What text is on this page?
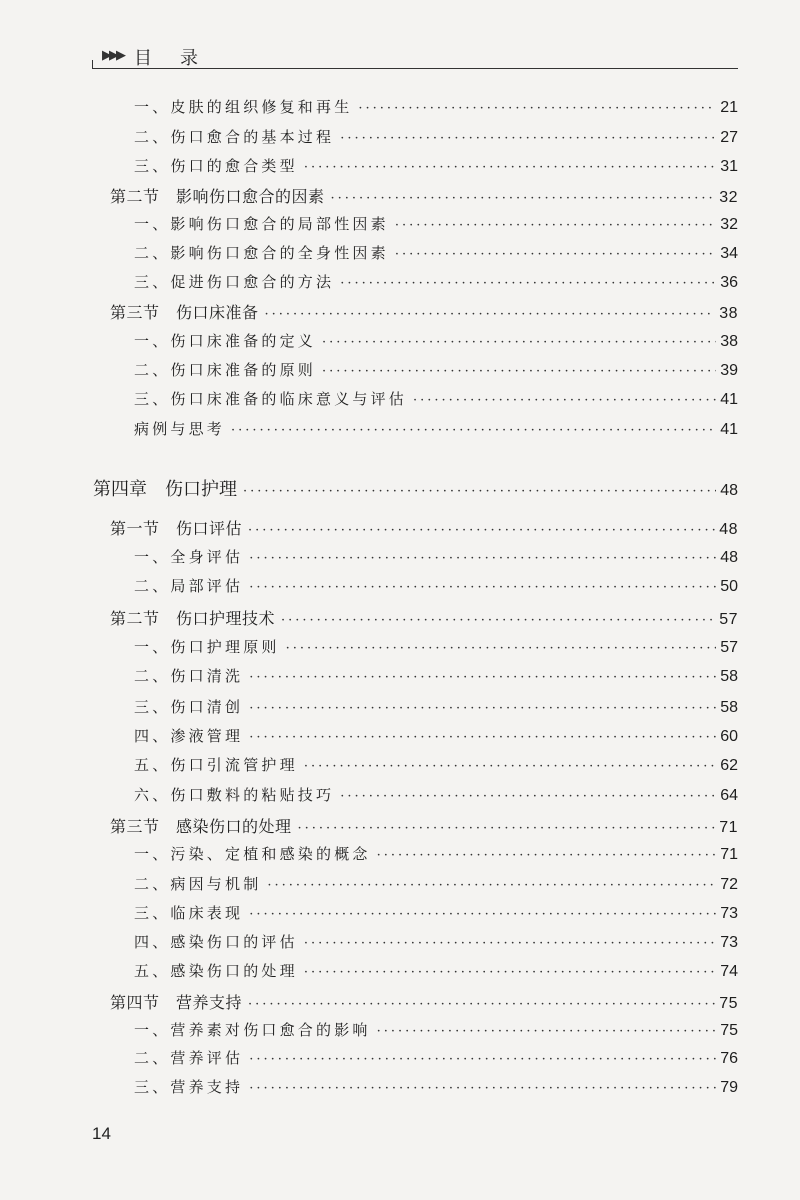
▶▶▶ 目录
一、皮肤的组织修复和再生 ·····	21
二、伤口愈合的基本过程 ·····	27
三、伤口的愈合类型 ·····	31
第二节　影响伤口愈合的因素 ·····	32
一、影响伤口愈合的局部性因素 ·····	32
二、影响伤口愈合的全身性因素 ·····	34
三、促进伤口愈合的方法 ·····	36
第三节　伤口床准备 ·····	38
一、伤口床准备的定义 ·····	38
二、伤口床准备的原则 ·····	39
三、伤口床准备的临床意义与评估 ·····	41
病例与思考 ·····	41
第四章　伤口护理 ·····	48
第一节　伤口评估 ·····	48
一、全身评估 ·····	48
二、局部评估 ·····	50
第二节　伤口护理技术 ·····	57
一、伤口护理原则 ·····	57
二、伤口清洗 ·····	58
三、伤口清创 ·····	58
四、渗液管理 ·····	60
五、伤口引流管护理 ·····	62
六、伤口敷料的粘贴技巧 ·····	64
第三节　感染伤口的处理 ·····	71
一、污染、定植和感染的概念 ·····	71
二、病因与机制 ·····	72
三、临床表现 ·····	73
四、感染伤口的评估 ·····	73
五、感染伤口的处理 ·····	74
第四节　营养支持 ·····	75
一、营养素对伤口愈合的影响 ·····	75
二、营养评估 ·····	76
三、营养支持 ·····	79
14
